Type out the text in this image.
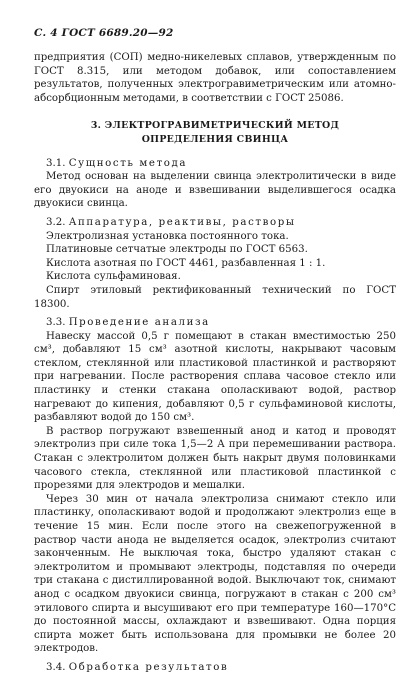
С. 4 ГОСТ 6689.20—92

предприятия (СОП) медно-никелевых сплавов, утвержденным по ГОСТ 8.315, или методом добавок, или сопоставлением результатов, полученных электрогравиметрическим или атомно-абсорбционным методами, в соответствии с ГОСТ 25086.

3. ЭЛЕКТРОГРАВИМЕТРИЧЕСКИЙ МЕТОД
ОПРЕДЕЛЕНИЯ СВИНЦА

3.1. Сущность метода

Метод основан на выделении свинца электролитически в виде его двуокиси на аноде и взвешивании выделившегося осадка двуокиси свинца.

3.2. Аппаратура, реактивы, растворы

Электролизная установка постоянного тока.

Платиновые сетчатые электроды по ГОСТ 6563.

Кислота азотная по ГОСТ 4461, разбавленная 1 : 1.

Кислота сульфаминовая.

Спирт этиловый ректификованный технический по ГОСТ 18300.

3.3. Проведение анализа

Навеску массой 0,5 г помещают в стакан вместимостью 250 см³, добавляют 15 см³ азотной кислоты, накрывают часовым стеклом, стеклянной или пластиковой пластинкой и растворяют при нагревании. После растворения сплава часовое стекло или пластинку и стенки стакана ополаскивают водой, раствор нагревают до кипения, добавляют 0,5 г сульфаминовой кислоты, разбавляют водой до 150 см³.

В раствор погружают взвешенный анод и катод и проводят электролиз при силе тока 1,5—2 А при перемешивании раствора. Стакан с электролитом должен быть накрыт двумя половинками часового стекла, стеклянной или пластиковой пластинкой с прорезями для электродов и мешалки.

Через 30 мин от начала электролиза снимают стекло или пластинку, ополаскивают водой и продолжают электролиз еще в течение 15 мин. Если после этого на свежепогруженной в раствор части анода не выделяется осадок, электролиз считают законченным. Не выключая тока, быстро удаляют стакан с электролитом и промывают электроды, подставляя по очереди три стакана с дистиллированной водой. Выключают ток, снимают анод с осадком двуокиси свинца, погружают в стакан с 200 см³ этилового спирта и высушивают его при температуре 160—170°С до постоянной массы, охлаждают и взвешивают. Одна порция спирта может быть использована для промывки не более 20 электродов.

3.4. Обработка результатов
